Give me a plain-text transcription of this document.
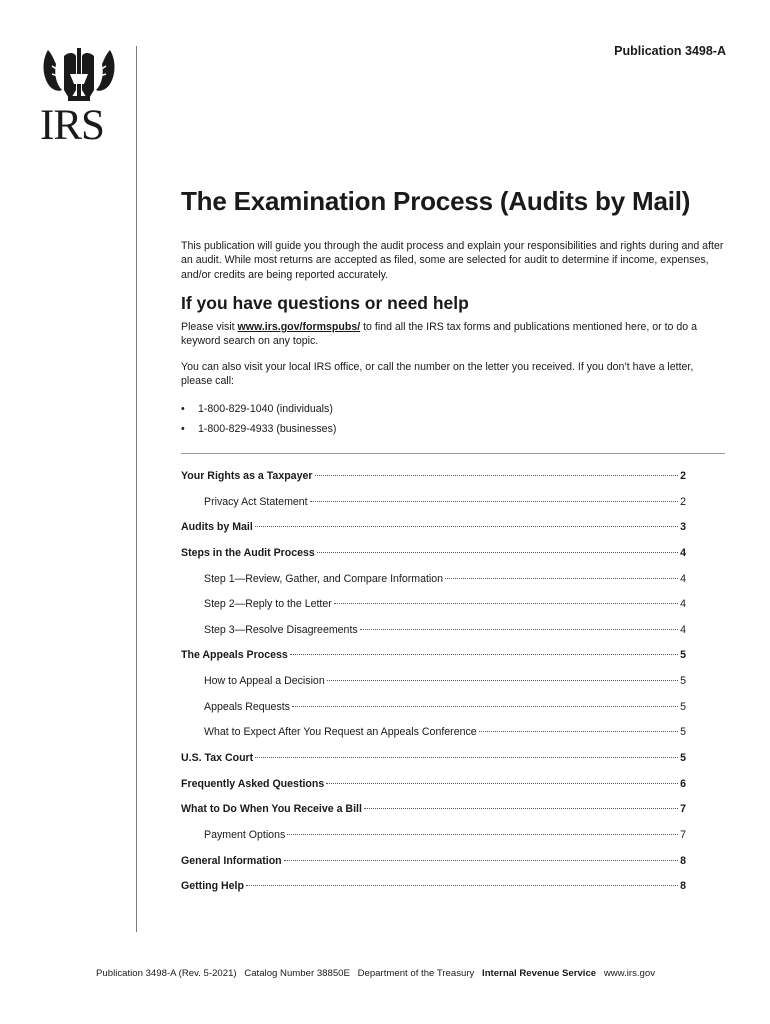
IRS
Publication 3498-A
The Examination Process (Audits by Mail)

This publication will guide you through the audit process and explain your responsibilities and rights during and after an audit. While most returns are accepted as filed, some are selected for audit to determine if income, expenses, and/or credits are being reported accurately.

If you have questions or need help

Please visit www.irs.gov/formspubs/ to find all the IRS tax forms and publications mentioned here, or to do a keyword search on any topic.

You can also visit your local IRS office, or call the number on the letter you received. If you don’t have a letter, please call:

•	1-800-829-1040 (individuals)
•	1-800-829-4933 (businesses)
Your Rights as a Taxpayer	2
Privacy Act Statement	2
Audits by Mail	3
Steps in the Audit Process	4
Step 1—Review, Gather, and Compare Information	4
Step 2—Reply to the Letter	4
Step 3—Resolve Disagreements	4
The Appeals Process	5
How to Appeal a Decision	5
Appeals Requests	5
What to Expect After You Request an Appeals Conference	5
U.S. Tax Court	5
Frequently Asked Questions	6
What to Do When You Receive a Bill	7
Payment Options	7
General Information	8
Getting Help	8
Publication 3498-A (Rev. 5-2021) Catalog Number 38850E Department of the Treasury Internal Revenue Service www.irs.gov
